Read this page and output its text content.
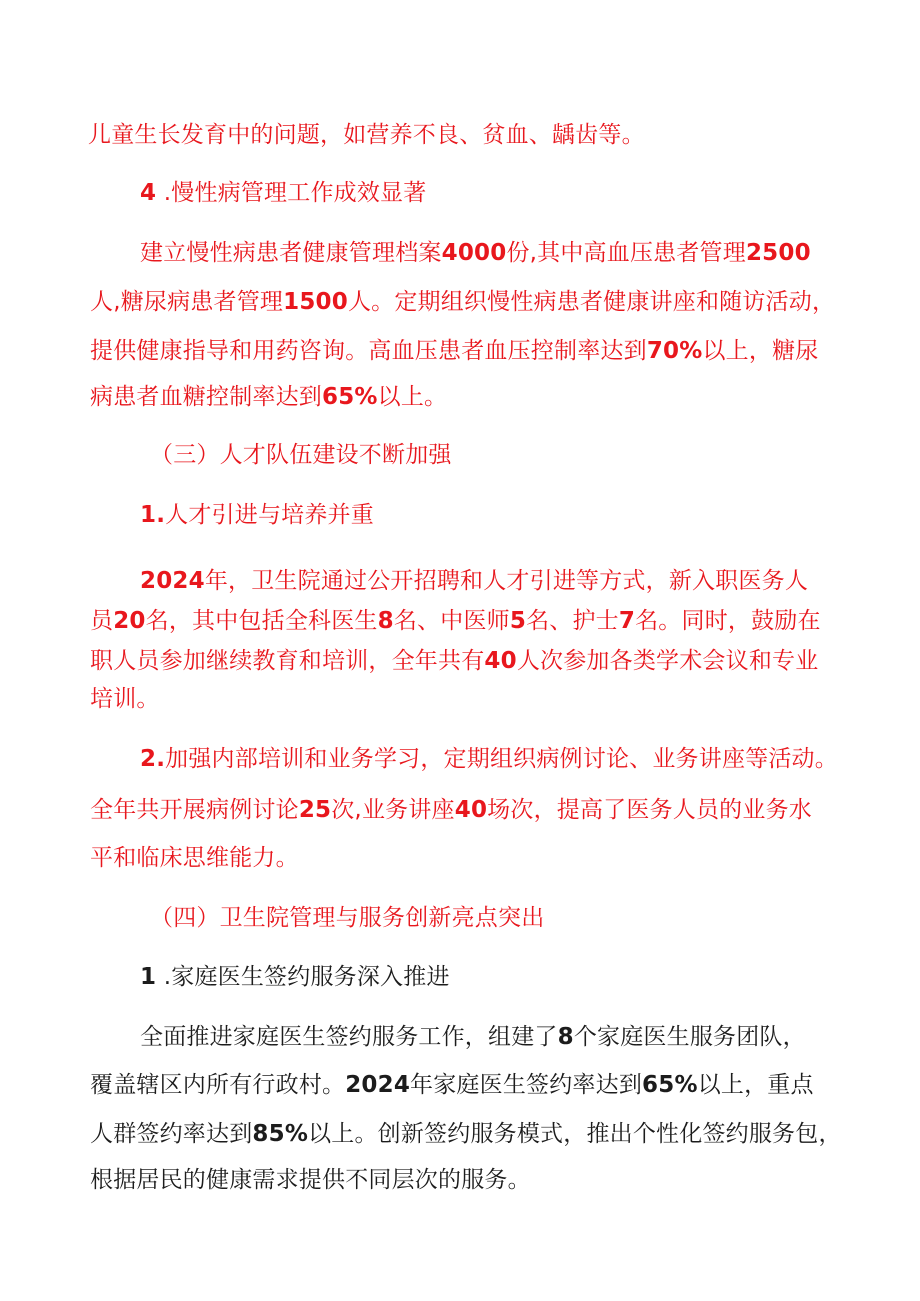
儿童生长发育中的问题，如营养不良、贫血、龋齿等。
4 .慢性病管理工作成效显著
建立慢性病患者健康管理档案4000份,其中高血压患者管理2500
人,糖尿病患者管理1500人。定期组织慢性病患者健康讲座和随访活动，
提供健康指导和用药咨询。高血压患者血压控制率达到70%以上，糖尿
病患者血糖控制率达到65%以上。
（三）人才队伍建设不断加强
1.人才引进与培养并重
2024年，卫生院通过公开招聘和人才引进等方式，新入职医务人
员20名，其中包括全科医生8名、中医师5名、护士7名。同时，鼓励在
职人员参加继续教育和培训，全年共有40人次参加各类学术会议和专业
培训。
2.加强内部培训和业务学习，定期组织病例讨论、业务讲座等活动。
全年共开展病例讨论25次,业务讲座40场次，提高了医务人员的业务水
平和临床思维能力。
（四）卫生院管理与服务创新亮点突出
1 .家庭医生签约服务深入推进
全面推进家庭医生签约服务工作，组建了8个家庭医生服务团队，
覆盖辖区内所有行政村。2024年家庭医生签约率达到65%以上，重点
人群签约率达到85%以上。创新签约服务模式，推出个性化签约服务包，
根据居民的健康需求提供不同层次的服务。
